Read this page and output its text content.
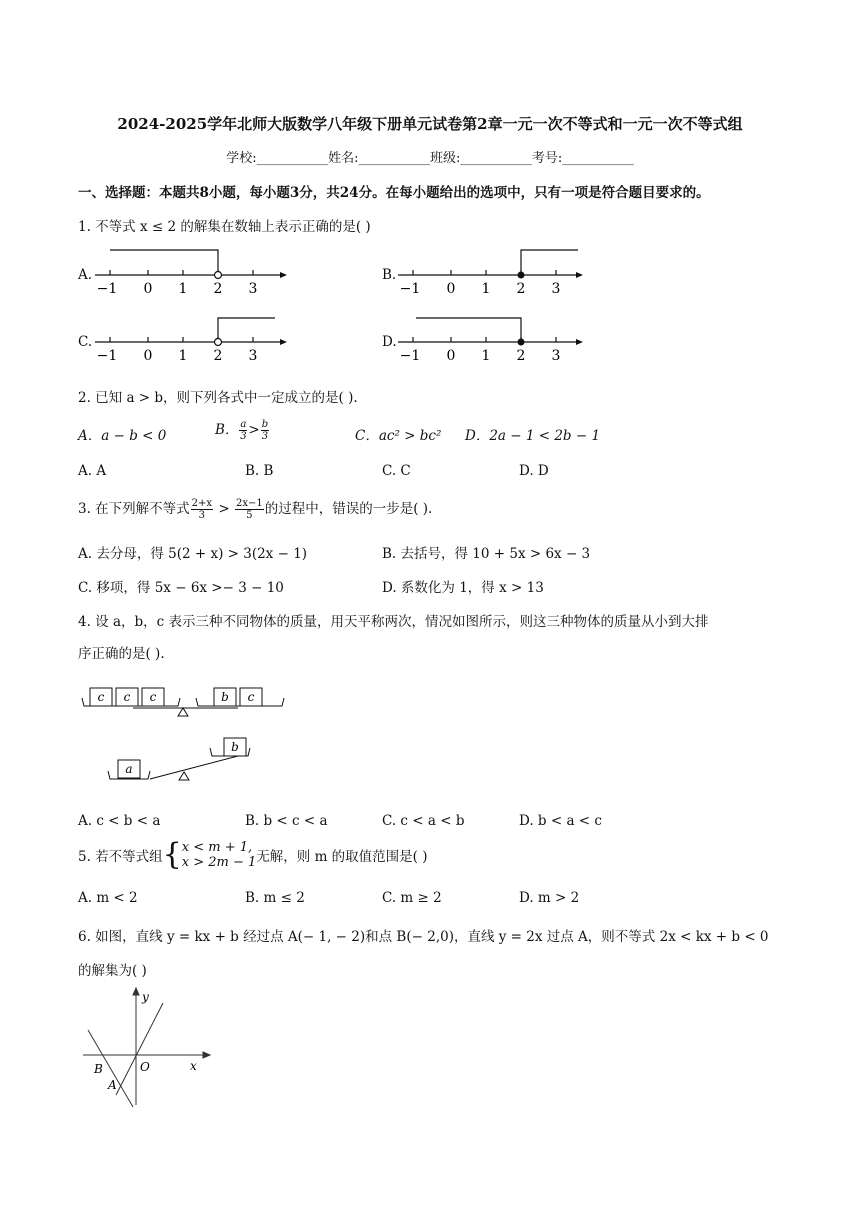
2024-2025学年北师大版数学八年级下册单元试卷第2章一元一次不等式和一元一次不等式组
学校:___________姓名:___________班级:___________考号:___________
一、选择题：本题共8小题，每小题3分，共24分。在每小题给出的选项中，只有一项是符合题目要求的。
1. 不等式 x ≤ 2 的解集在数轴上表示正确的是( )
A.
−1 0 1 2 3
B.
−1 0 1 2 3
C.
−1 0 1 2 3
D.
−1 0 1 2 3
2. 已知 a > b，则下列各式中一定成立的是( ).
A．a − b < 0	B． $\frac{a}{3} > \frac{b}{3}$	C．ac² > bc² D．2a − 1 < 2b − 1
A. A	B. B	C. C	D. D
3. 在下列解不等式 $\frac{2+x}{3} > \frac{2x-1}{5}$ 的过程中，错误的一步是( ).
A. 去分母，得 5(2 + x) > 3(2x − 1)	B. 去括号，得 10 + 5x > 6x − 3
C. 移项，得 5x − 6x >− 3 − 10	D. 系数化为 1，得 x > 13
4. 设 a，b，c 表示三种不同物体的质量，用天平称两次，情况如图所示，则这三种物体的质量从小到大排
序正确的是( ).
c c c	b c
a
b
A. c < b < a	B. b < c < a	C. c < a < b	D. b < a < c
5. 若不等式组{ x < m + 1,
x > 2m − 1 无解，则 m 的取值范围是( )
A. m < 2	B. m ≤ 2	C. m ≥ 2	D. m > 2
6. 如图，直线 y = kx + b 经过点 A(− 1, − 2)和点 B(− 2,0)，直线 y = 2x 过点 A，则不等式 2x < kx + b < 0
的解集为( )
y
x
O
A
B
